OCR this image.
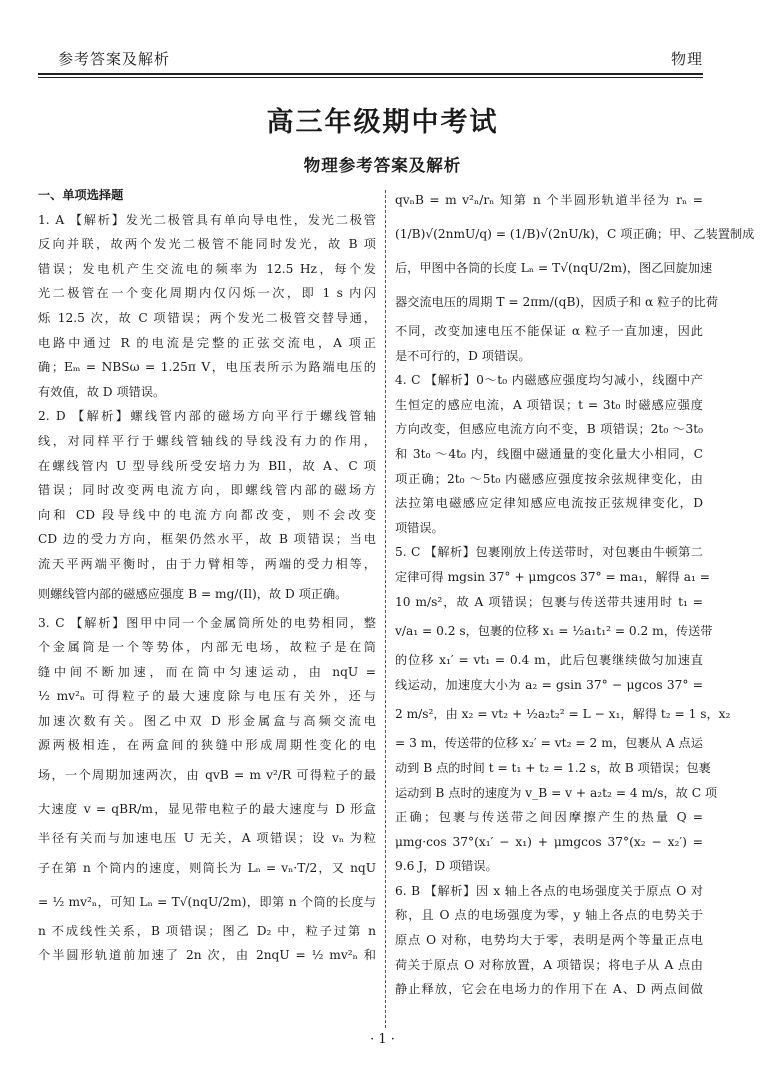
参考答案及解析	物理
高三年级期中考试
物理参考答案及解析
一、单项选择题
1. A 【解析】发光二极管具有单向导电性，发光二极管
反向并联，故两个发光二极管不能同时发光，故 B 项
错误；发电机产生交流电的频率为 12.5 Hz，每个发
光二极管在一个变化周期内仅闪烁一次，即 1 s 内闪
烁 12.5 次，故 C 项错误；两个发光二极管交替导通，
电路中通过 R 的电流是完整的正弦交流电，A 项正
确；Eₘ = NBSω = 1.25π V，电压表所示为路端电压的
有效值，故 D 项错误。
2. D 【解析】螺线管内部的磁场方向平行于螺线管轴
线，对同样平行于螺线管轴线的导线没有力的作用，
在螺线管内 U 型导线所受安培力为 BIl，故 A、C 项
错误；同时改变两电流方向，即螺线管内部的磁场方
向和 CD 段导线中的电流方向都改变，则不会改变
CD 边的受力方向，框架仍然水平，故 B 项错误；当电
流天平两端平衡时，由于力臂相等，两端的受力相等，
则螺线管内部的磁感应强度 B = mg/(Il)，故 D 项正确。
3. C 【解析】图甲中同一个金属筒所处的电势相同，整
个金属筒是一个等势体，内部无电场，故粒子是在筒
缝中间不断加速，而在筒中匀速运动，由 nqU =
½ mv²ₙ 可得粒子的最大速度除与电压有关外，还与
加速次数有关。图乙中双 D 形金属盒与高频交流电
源两极相连，在两盒间的狭缝中形成周期性变化的电
场，一个周期加速两次，由 qvB = m v²/R 可得粒子的最
大速度 v = qBR/m，显见带电粒子的最大速度与 D 形盒
半径有关而与加速电压 U 无关，A 项错误；设 vₙ 为粒
子在第 n 个筒内的速度，则筒长为 Lₙ = vₙ·T/2，又 nqU
= ½ mv²ₙ，可知 Lₙ = T√(nqU/2m)，即第 n 个筒的长度与
n 不成线性关系，B 项错误；图乙 D₂ 中，粒子过第 n
个半圆形轨道前加速了 2n 次，由 2nqU = ½ mv²ₙ 和
qvₙB = m v²ₙ/rₙ 知第 n 个半圆形轨道半径为 rₙ =
(1/B)√(2nmU/q) = (1/B)√(2nU/k)，C 项正确；甲、乙装置制成
后，甲图中各筒的长度 Lₙ = T√(nqU/2m)，图乙回旋加速
器交流电压的周期 T = 2πm/(qB)，因质子和 α 粒子的比荷
不同，改变加速电压不能保证 α 粒子一直加速，因此
是不可行的，D 项错误。
4. C 【解析】0～t₀ 内磁感应强度均匀减小，线圈中产
生恒定的感应电流，A 项错误；t = 3t₀ 时磁感应强度
方向改变，但感应电流方向不变，B 项错误；2t₀ ～3t₀
和 3t₀ ～4t₀ 内，线圈中磁通量的变化量大小相同，C
项正确；2t₀ ～5t₀ 内磁感应强度按余弦规律变化，由
法拉第电磁感应定律知感应电流按正弦规律变化，D
项错误。
5. C 【解析】包裹刚放上传送带时，对包裹由牛顿第二
定律可得 mgsin 37° + μmgcos 37° = ma₁，解得 a₁ =
10 m/s²，故 A 项错误；包裹与传送带共速用时 t₁ =
v/a₁ = 0.2 s，包裹的位移 x₁ = ½a₁t₁² = 0.2 m，传送带
的位移 x₁′ = vt₁ = 0.4 m，此后包裹继续做匀加速直
线运动，加速度大小为 a₂ = gsin 37° − μgcos 37° =
2 m/s²，由 x₂ = vt₂ + ½a₂t₂² = L − x₁，解得 t₂ = 1 s，x₂
= 3 m，传送带的位移 x₂′ = vt₂ = 2 m，包裹从 A 点运
动到 B 点的时间 t = t₁ + t₂ = 1.2 s，故 B 项错误；包裹
运动到 B 点时的速度为 v_B = v + a₂t₂ = 4 m/s，故 C 项
正确；包裹与传送带之间因摩擦产生的热量 Q =
μmg·cos 37°(x₁′ − x₁) + μmgcos 37°(x₂ − x₂′) =
9.6 J，D 项错误。
6. B 【解析】因 x 轴上各点的电场强度关于原点 O 对
称，且 O 点的电场强度为零，y 轴上各点的电势关于
原点 O 对称，电势均大于零，表明是两个等量正点电
荷关于原点 O 对称放置，A 项错误；将电子从 A 点由
静止释放，它会在电场力的作用下在 A、D 两点间做
· 1 ·
